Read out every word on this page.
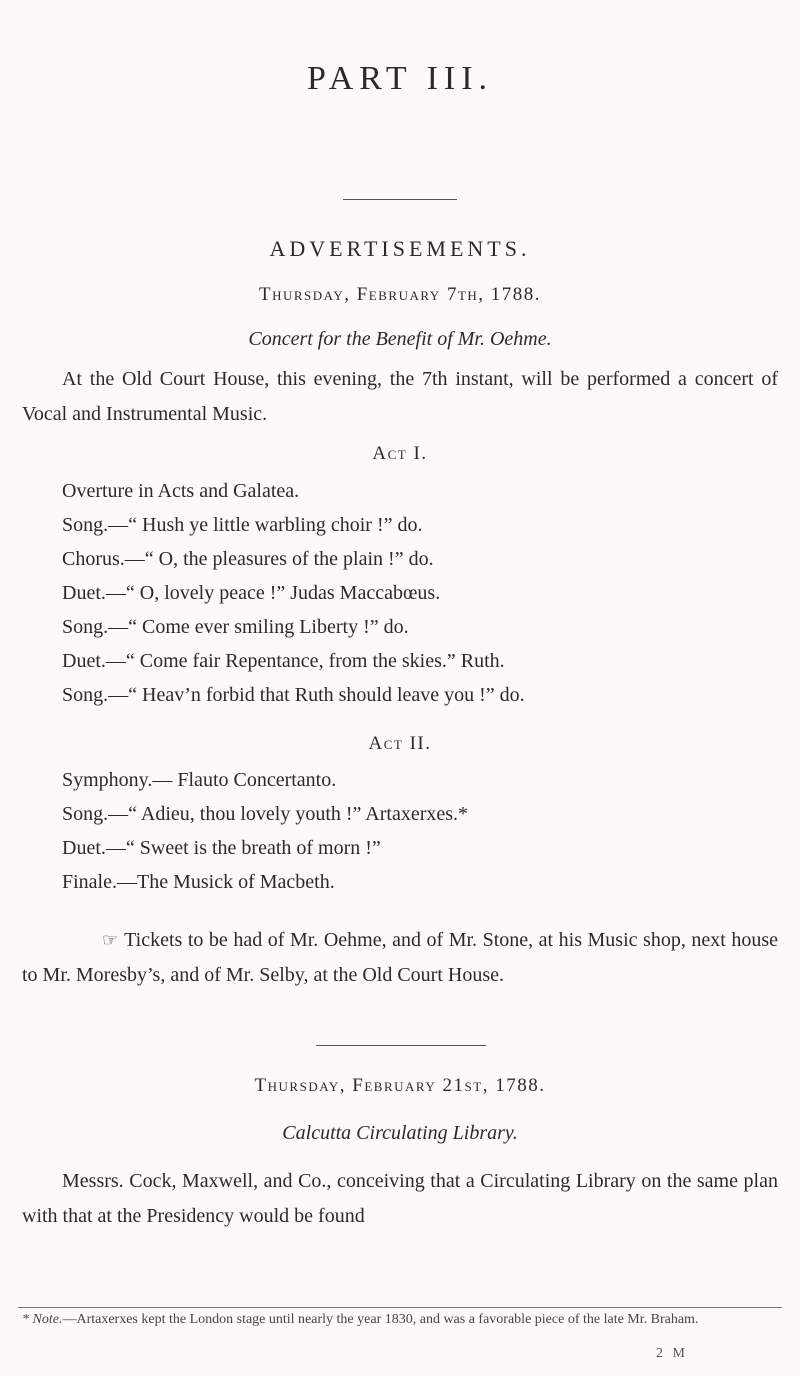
PART III.
ADVERTISEMENTS.
Thursday, February 7th, 1788.
Concert for the Benefit of Mr. Oehme.
At the Old Court House, this evening, the 7th instant, will be performed a concert of Vocal and Instrumental Music.
Act I.
Overture in Acts and Galatea.
Song.—“ Hush ye little warbling choir !” do.
Chorus.—“ O, the pleasures of the plain !” do.
Duet.—“ O, lovely peace !” Judas Maccabœus.
Song.—“ Come ever smiling Liberty !” do.
Duet.—“ Come fair Repentance, from the skies.” Ruth.
Song.—“ Heav’n forbid that Ruth should leave you !” do.
Act II.
Symphony.— Flauto Concertanto.
Song.—“ Adieu, thou lovely youth !” Artaxerxes.*
Duet.—“ Sweet is the breath of morn !”
Finale.—The Musick of Macbeth.
☞ Tickets to be had of Mr. Oehme, and of Mr. Stone, at his Music shop, next house to Mr. Moresby’s, and of Mr. Selby, at the Old Court House.
Thursday, February 21st, 1788.
Calcutta Circulating Library.
Messrs. Cock, Maxwell, and Co., conceiving that a Circulating Library on the same plan with that at the Presidency would be found
* Note.—Artaxerxes kept the London stage until nearly the year 1830, and was a favorable piece of the late Mr. Braham.
2 M
